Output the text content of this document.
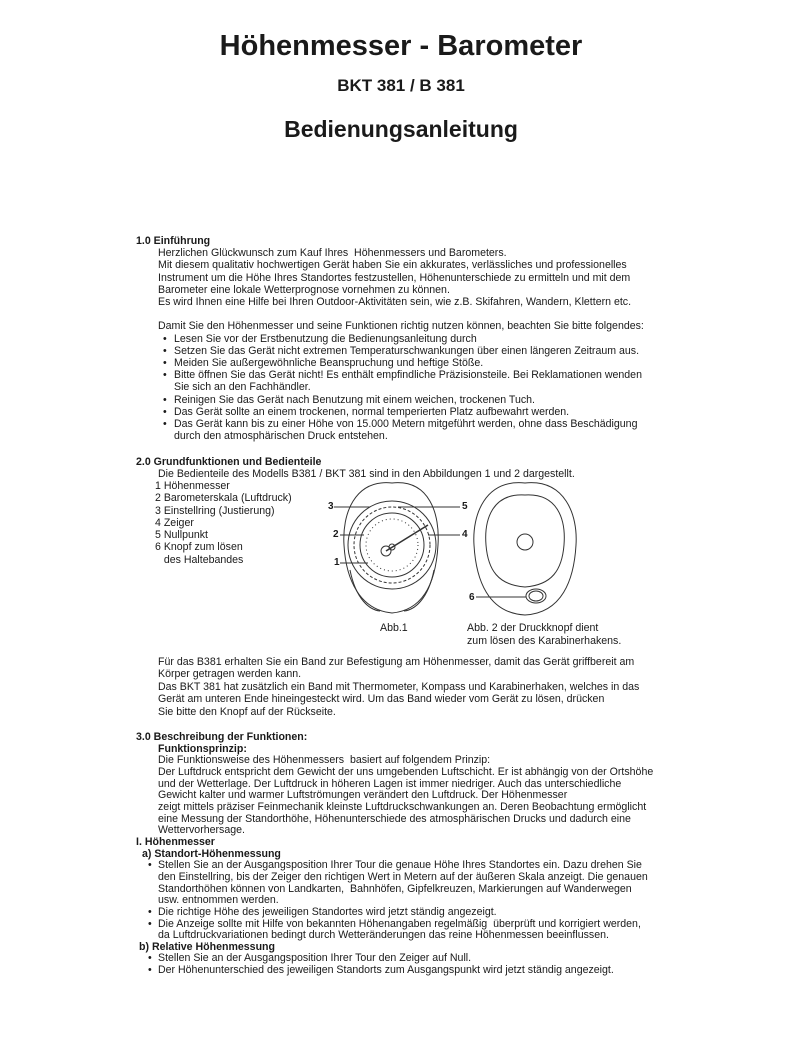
Höhenmesser - Barometer
BKT 381 / B 381
Bedienungsanleitung
1.0 Einführung
Herzlichen Glückwunsch zum Kauf Ihres  Höhenmessers und Barometers.
Mit diesem qualitativ hochwertigen Gerät haben Sie ein akkurates, verlässliches und professionelles
Instrument um die Höhe Ihres Standortes festzustellen, Höhenunterschiede zu ermitteln und mit dem
Barometer eine lokale Wetterprognose vornehmen zu können.
Es wird Ihnen eine Hilfe bei Ihren Outdoor-Aktivitäten sein, wie z.B. Skifahren, Wandern, Klettern etc.
Damit Sie den Höhenmesser und seine Funktionen richtig nutzen können, beachten Sie bitte folgendes:
• Lesen Sie vor der Erstbenutzung die Bedienungsanleitung durch
• Setzen Sie das Gerät nicht extremen Temperaturschwankungen über einen längeren Zeitraum aus.
• Meiden Sie außergewöhnliche Beanspruchung und heftige Stöße.
• Bitte öffnen Sie das Gerät nicht! Es enthält empfindliche Präzisionsteile. Bei Reklamationen wenden
Sie sich an den Fachhändler.
• Reinigen Sie das Gerät nach Benutzung mit einem weichen, trockenen Tuch.
• Das Gerät sollte an einem trockenen, normal temperierten Platz aufbewahrt werden.
• Das Gerät kann bis zu einer Höhe von 15.000 Metern mitgeführt werden, ohne dass Beschädigung
durch den atmosphärischen Druck entstehen.
2.0 Grundfunktionen und Bedienteile
Die Bedienteile des Modells B381 / BKT 381 sind in den Abbildungen 1 und 2 dargestellt.
1 Höhenmesser
2 Barometerskala (Luftdruck)
3 Einstellring (Justierung)
4 Zeiger
5 Nullpunkt
6 Knopf zum lösen
des Haltebandes
3	5
2	4
1
6
Abb.1	Abb. 2 der Druckknopf dient
zum lösen des Karabinerhakens.
Für das B381 erhalten Sie ein Band zur Befestigung am Höhenmesser, damit das Gerät griffbereit am
Körper getragen werden kann.
Das BKT 381 hat zusätzlich ein Band mit Thermometer, Kompass und Karabinerhaken, welches in das
Gerät am unteren Ende hineingesteckt wird. Um das Band wieder vom Gerät zu lösen, drücken
Sie bitte den Knopf auf der Rückseite.
3.0 Beschreibung der Funktionen:
Funktionsprinzip:
Die Funktionsweise des Höhenmessers  basiert auf folgendem Prinzip:
Der Luftdruck entspricht dem Gewicht der uns umgebenden Luftschicht. Er ist abhängig von der Ortshöhe
und der Wetterlage. Der Luftdruck in höheren Lagen ist immer niedriger. Auch das unterschiedliche
Gewicht kalter und warmer Luftströmungen verändert den Luftdruck. Der Höhenmesser
zeigt mittels präziser Feinmechanik kleinste Luftdruckschwankungen an. Deren Beobachtung ermöglicht
eine Messung der Standorthöhe, Höhenunterschiede des atmosphärischen Drucks und dadurch eine
Wettervorhersage.
I. Höhenmesser
a) Standort-Höhenmessung
• Stellen Sie an der Ausgangsposition Ihrer Tour die genaue Höhe Ihres Standortes ein. Dazu drehen Sie
den Einstellring, bis der Zeiger den richtigen Wert in Metern auf der äußeren Skala anzeigt. Die genauen
Standorthöhen können von Landkarten,  Bahnhöfen, Gipfelkreuzen, Markierungen auf Wanderwegen
usw. entnommen werden.
• Die richtige Höhe des jeweiligen Standortes wird jetzt ständig angezeigt.
• Die Anzeige sollte mit Hilfe von bekannten Höhenangaben regelmäßig  überprüft und korrigiert werden,
da Luftdruckvariationen bedingt durch Wetteränderungen das reine Höhenmessen beeinflussen.
b) Relative Höhenmessung
• Stellen Sie an der Ausgangsposition Ihrer Tour den Zeiger auf Null.
• Der Höhenunterschied des jeweiligen Standorts zum Ausgangspunkt wird jetzt ständig angezeigt.
